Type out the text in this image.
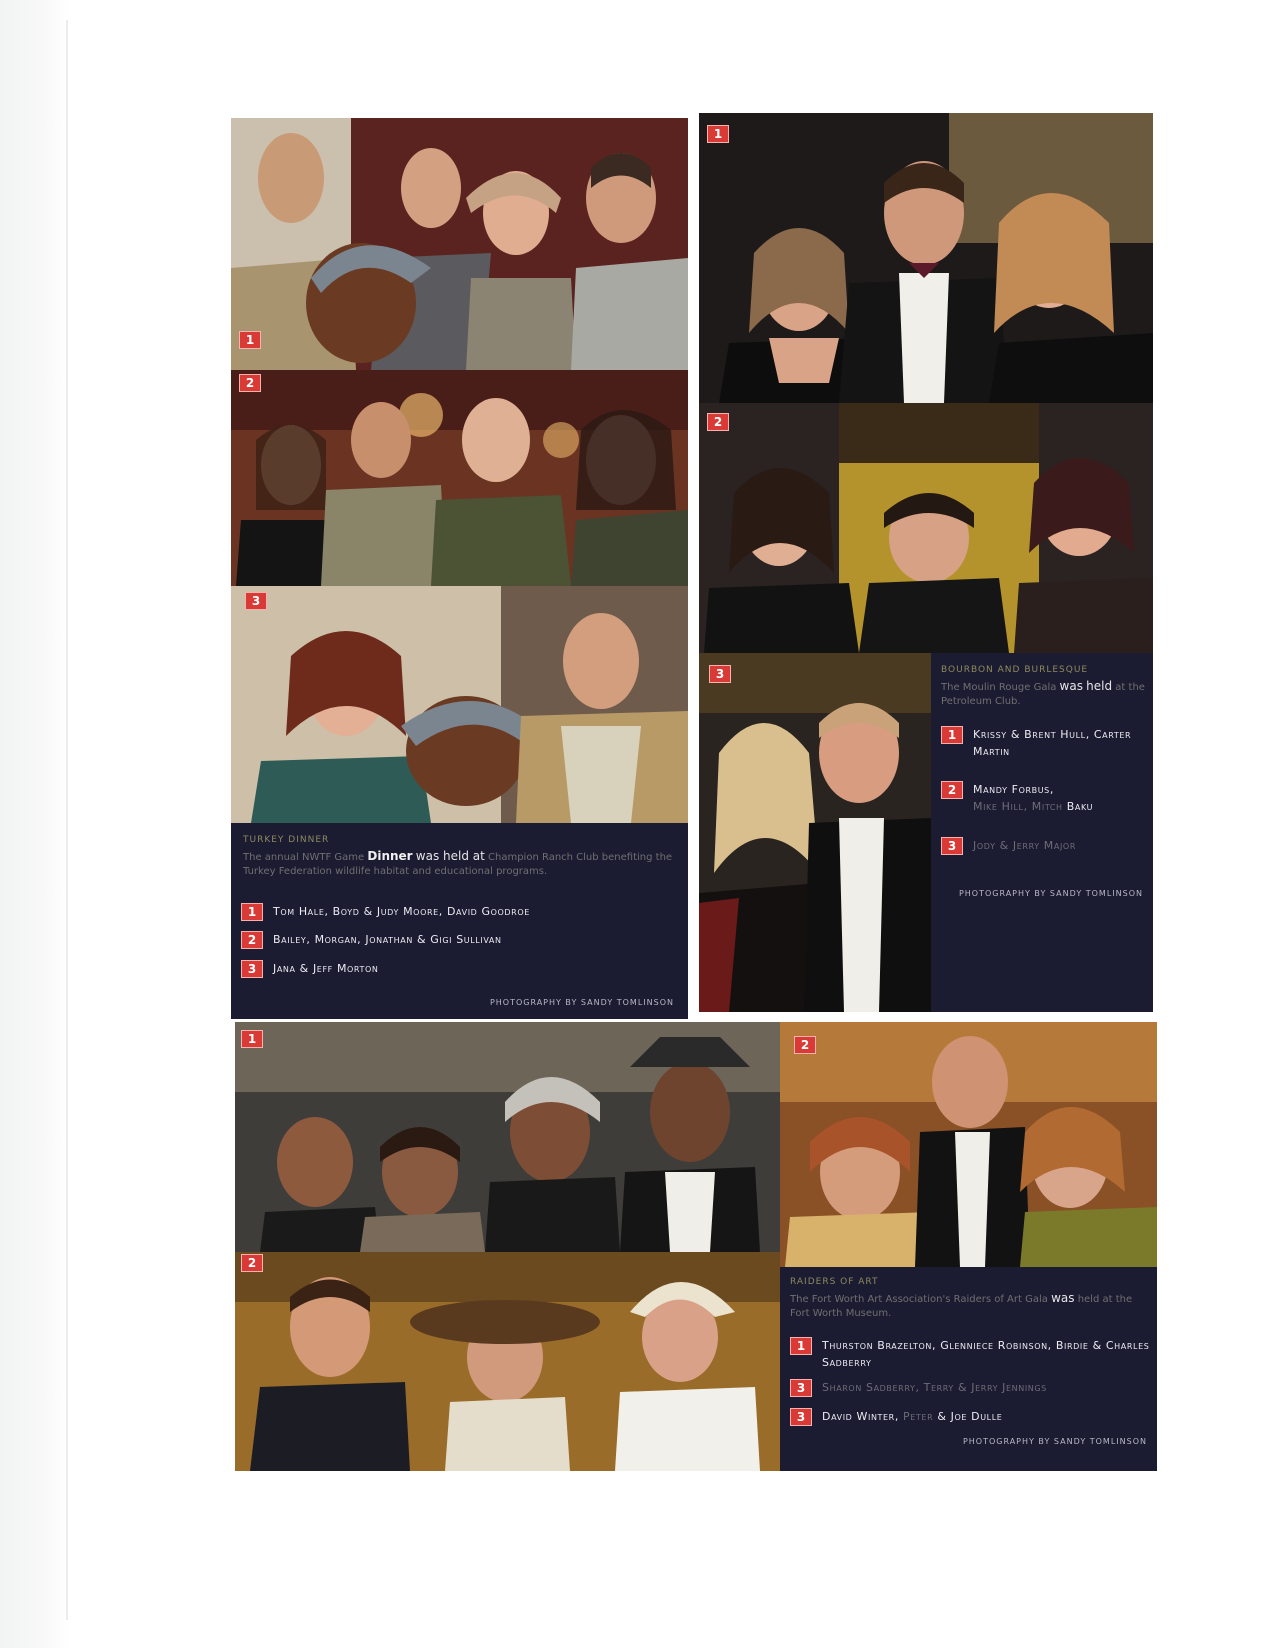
1
2
3
TURKEY DINNER
The annual NWTF Game Dinner was held at Champion Ranch Club benefiting the Turkey Federation wildlife habitat and educational programs.
1	Tom Hale, Boyd & Judy Moore, David Goodroe
2	Bailey, Morgan, Jonathan & Gigi Sullivan
3	Jana & Jeff Morton
PHOTOGRAPHY BY SANDY TOMLINSON
1
2
3	BOURBON AND BURLESQUE
The Moulin Rouge Gala was held at the Petroleum Club.
1	Krissy & Brent Hull, Carter Martin
2	Mandy Forbus,
Mike Hill, Mitch Baku
3	Jody & Jerry Major
PHOTOGRAPHY BY SANDY TOMLINSON
1	2
2
RAIDERS OF ART
The Fort Worth Art Association's Raiders of Art Gala was held at the Fort Worth Museum.
1	Thurston Brazelton, Glenniece Robinson, Birdie & Charles Sadberry
3	Sharon Sadberry, Terry & Jerry Jennings
3	David Winter, Peter & Joe Dulle
PHOTOGRAPHY BY SANDY TOMLINSON
